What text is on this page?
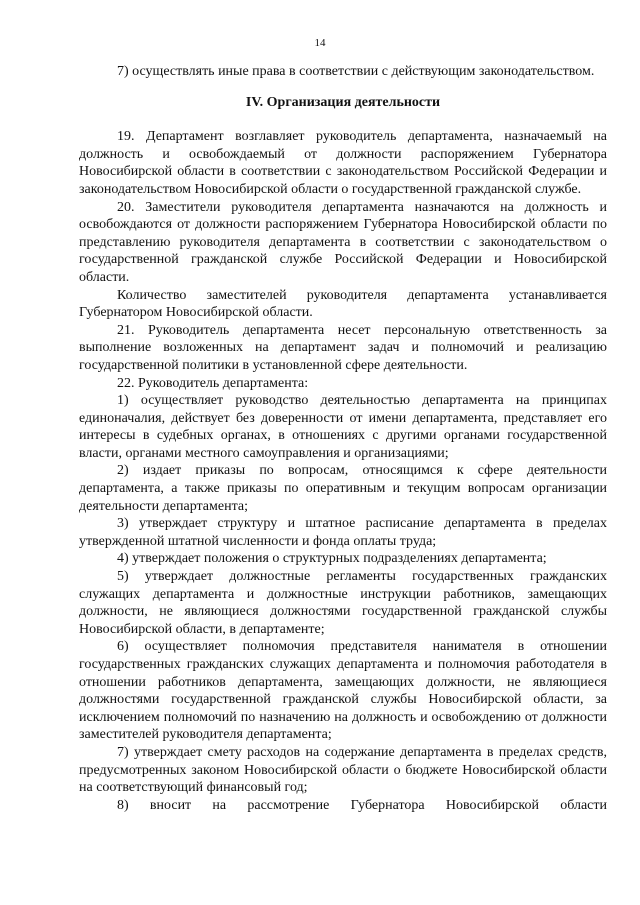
14

7) осуществлять иные права в соответствии с действующим законодательством.

IV. Организация деятельности

19. Департамент возглавляет руководитель департамента, назначаемый на должность и освобождаемый от должности распоряжением Губернатора Новосибирской области в соответствии с законодательством Российской Федерации и законодательством Новосибирской области о государственной гражданской службе.

20. Заместители руководителя департамента назначаются на должность и освобождаются от должности распоряжением Губернатора Новосибирской области по представлению руководителя департамента в соответствии с законодательством о государственной гражданской службе Российской Федерации и Новосибирской области.

Количество заместителей руководителя департамента устанавливается Губернатором Новосибирской области.

21. Руководитель департамента несет персональную ответственность за выполнение возложенных на департамент задач и полномочий и реализацию государственной политики в установленной сфере деятельности.

22. Руководитель департамента:

1) осуществляет руководство деятельностью департамента на принципах единоначалия, действует без доверенности от имени департамента, представляет его интересы в судебных органах, в отношениях с другими органами государственной власти, органами местного самоуправления и организациями;

2) издает приказы по вопросам, относящимся к сфере деятельности департамента, а также приказы по оперативным и текущим вопросам организации деятельности департамента;

3) утверждает структуру и штатное расписание департамента в пределах утвержденной штатной численности и фонда оплаты труда;

4) утверждает положения о структурных подразделениях департамента;

5) утверждает должностные регламенты государственных гражданских служащих департамента и должностные инструкции работников, замещающих должности, не являющиеся должностями государственной гражданской службы Новосибирской области, в департаменте;

6) осуществляет полномочия представителя нанимателя в отношении государственных гражданских служащих департамента и полномочия работодателя в отношении работников департамента, замещающих должности, не являющиеся должностями государственной гражданской службы Новосибирской области, за исключением полномочий по назначению на должность и освобождению от должности заместителей руководителя департамента;

7) утверждает смету расходов на содержание департамента в пределах средств, предусмотренных законом Новосибирской области о бюджете Новосибирской области на соответствующий финансовый год;

8) вносит на рассмотрение Губернатора Новосибирской области
